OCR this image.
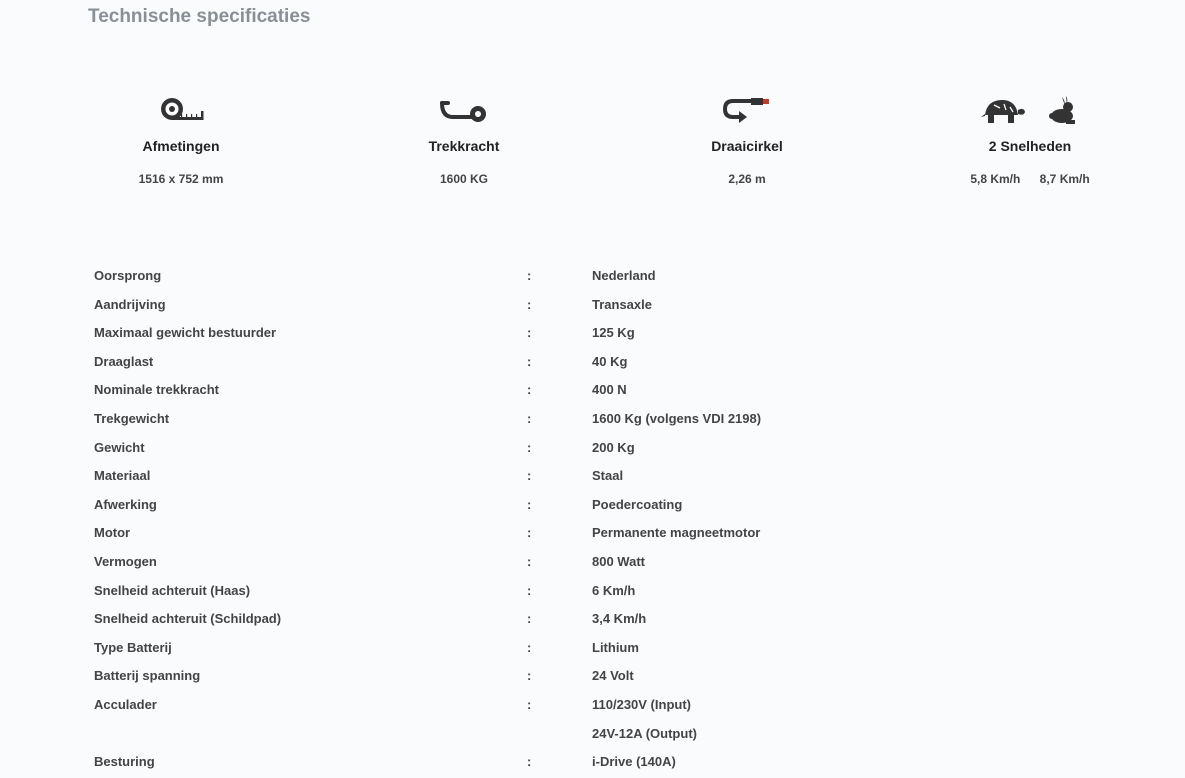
Technische specificaties
Afmetingen
1516 x 752 mm
Trekkracht
1600 KG
Draaicirkel
2,26 m
2 Snelheden
5,8 Km/h 8,7 Km/h
Oorsprong	:	Nederland
Aandrijving	:	Transaxle
Maximaal gewicht bestuurder	:	125 Kg
Draaglast	:	40 Kg
Nominale trekkracht	:	400 N
Trekgewicht	:	1600 Kg (volgens VDI 2198)
Gewicht	:	200 Kg
Materiaal	:	Staal
Afwerking	:	Poedercoating
Motor	:	Permanente magneetmotor
Vermogen	:	800 Watt
Snelheid achteruit (Haas)	:	6 Km/h
Snelheid achteruit (Schildpad)	:	3,4 Km/h
Type Batterij	:	Lithium
Batterij spanning	:	24 Volt
Acculader	:	110/230V (Input)
24V-12A (Output)
Besturing	:	i-Drive (140A)
